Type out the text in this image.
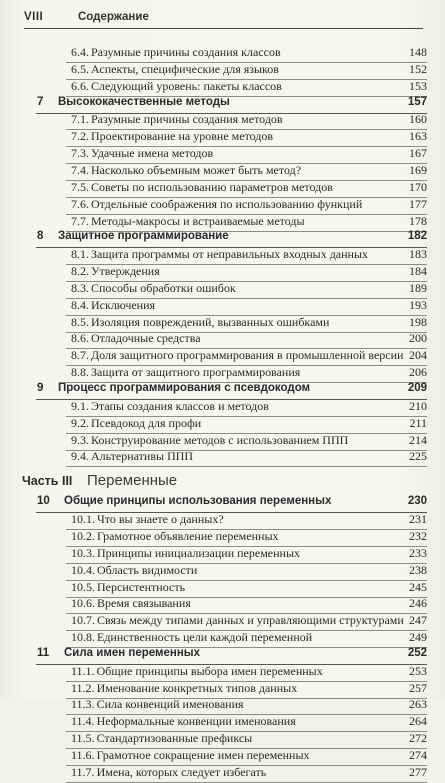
VIII	Содержание
6.4. Разумные причины создания классов	148
6.5. Аспекты, специфические для языков	152
6.6. Следующий уровень: пакеты классов	153
7 Высококачественные методы	157
7.1. Разумные причины создания методов	160
7.2. Проектирование на уровне методов	163
7.3. Удачные имена методов	167
7.4. Насколько объемным может быть метод?	169
7.5. Советы по использованию параметров методов	170
7.6. Отдельные соображения по использованию функций	177
7.7. Методы-макросы и встраиваемые методы	178
8 Защитное программирование	182
8.1. Защита программы от неправильных входных данных	183
8.2. Утверждения	184
8.3. Способы обработки ошибок	189
8.4. Исключения	193
8.5. Изоляция повреждений, вызванных ошибками	198
8.6. Отладочные средства	200
8.7. Доля защитного программирования в промышленной версии 204
8.8. Защита от защитного программирования	206
9 Процесс программирования с псевдокодом	209
9.1. Этапы создания классов и методов	210
9.2. Псевдокод для профи	211
9.3. Конструирование методов с использованием ППП	214
9.4. Альтернативы ППП	225
Часть III Переменные
10 Общие принципы использования переменных	230
10.1. Что вы знаете о данных?	231
10.2. Грамотное объявление переменных	232
10.3. Принципы инициализации переменных	233
10.4. Область видимости	238
10.5. Персистентность	245
10.6. Время связывания	246
10.7. Связь между типами данных и управляющими структурами 247
10.8. Единственность цели каждой переменной	249
11 Сила имен переменных	252
11.1. Общие принципы выбора имен переменных	253
11.2. Именование конкретных типов данных	257
11.3. Сила конвенций именования	263
11.4. Неформальные конвенции именования	264
11.5. Стандартизованные префиксы	272
11.6. Грамотное сокращение имен переменных	274
11.7. Имена, которых следует избегать	277
